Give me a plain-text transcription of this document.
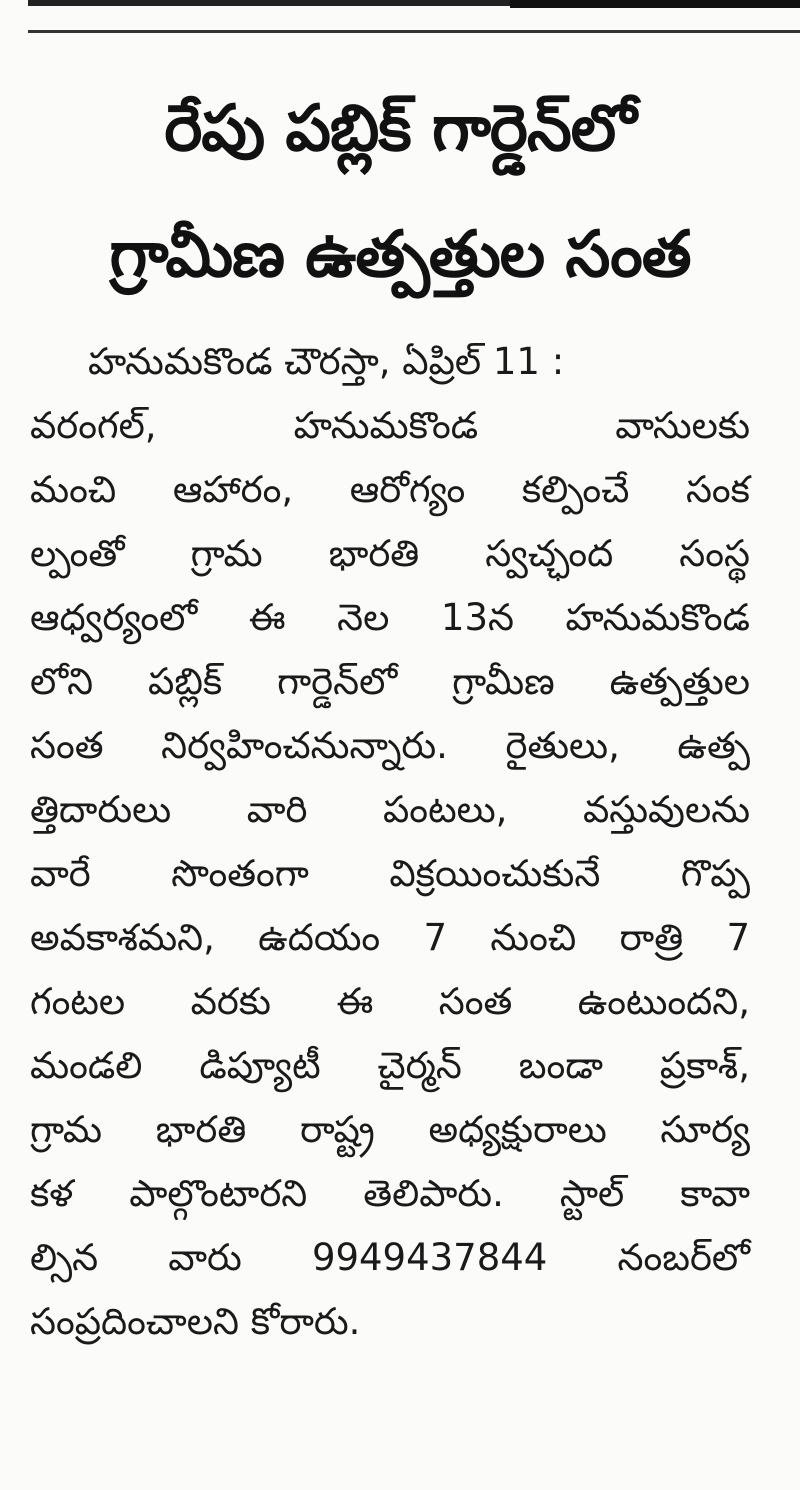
రేపు పబ్లిక్ గార్డెన్‌లో
గ్రామీణ ఉత్పత్తుల సంత
హనుమకొండ చౌరస్తా, ఏప్రిల్ 11 :
వరంగల్, హనుమకొండ వాసులకు
మంచి ఆహారం, ఆరోగ్యం కల్పించే సంక
ల్పంతో గ్రామ భారతి స్వచ్ఛంద సంస్థ
ఆధ్వర్యంలో ఈ నెల 13న హనుమకొండ
లోని పబ్లిక్ గార్డెన్‌లో గ్రామీణ ఉత్పత్తుల
సంత నిర్వహించనున్నారు. రైతులు, ఉత్ప
త్తిదారులు వారి పంటలు, వస్తువులను
వారే సొంతంగా విక్రయించుకునే గొప్ప
అవకాశమని, ఉదయం 7 నుంచి రాత్రి 7
గంటల వరకు ఈ సంత ఉంటుందని,
మండలి డిప్యూటీ చైర్మన్ బండా ప్రకాశ్,
గ్రామ భారతి రాష్ట్ర అధ్యక్షురాలు సూర్య
కళ పాల్గొంటారని తెలిపారు. స్టాల్ కావా
ల్సిన వారు 9949437844 నంబర్‌లో
సంప్రదించాలని కోరారు.
